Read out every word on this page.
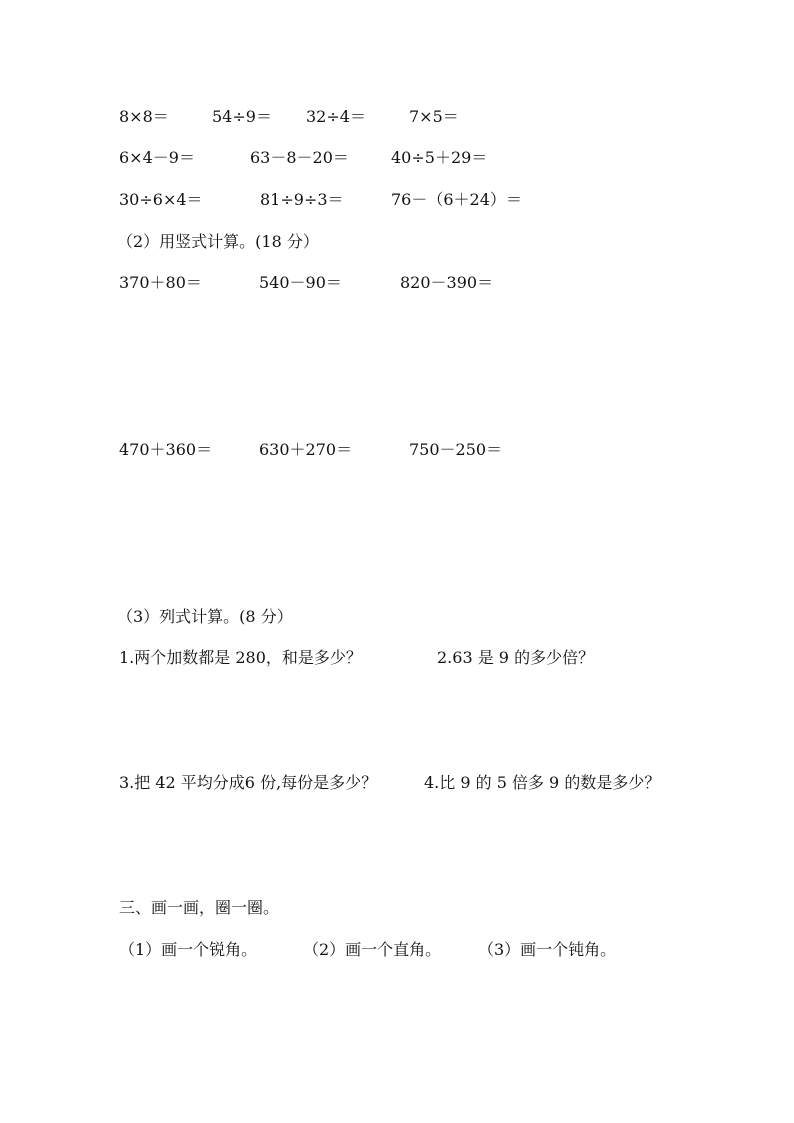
8×8＝	54÷9＝ 32÷4＝	7×5＝
6×4－9＝	63－8－20＝	40÷5＋29＝
30÷6×4＝	81÷9÷3＝	76－（6＋24）＝
（2）用竖式计算。(18 分）
370＋80＝	540－90＝	820－390＝
470＋360＝	630＋270＝	750－250＝
（3）列式计算。(8 分）
1.两个加数都是 280，和是多少？	2.63 是 9 的多少倍？
3.把 42 平均分成6 份,每份是多少？	4.比 9 的 5 倍多 9 的数是多少？
三、画一画，圈一圈。
（1）画一个锐角。	（2）画一个直角。 （3）画一个钝角。
